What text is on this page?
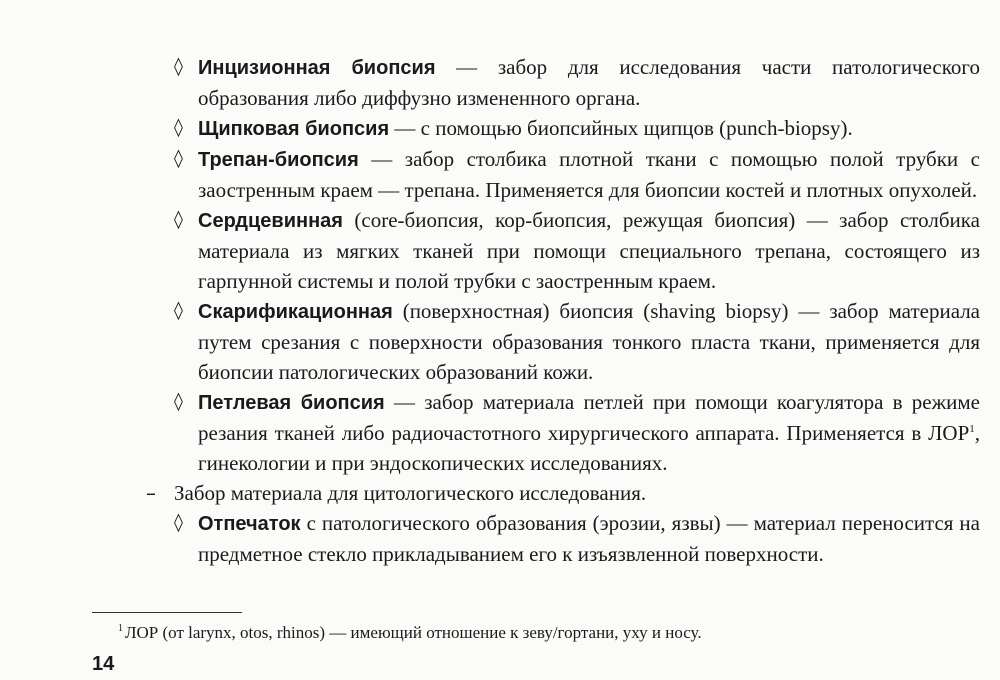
◊ Инцизионная биопсия — забор для исследования части патологического образования либо диффузно измененного органа.
◊ Щипковая биопсия — с помощью биопсийных щипцов (punch-biopsy).
◊ Трепан-биопсия — забор столбика плотной ткани с помощью полой трубки с заостренным краем — трепана. Применяется для биопсии костей и плотных опухолей.
◊ Сердцевинная (core-биопсия, кор-биопсия, режущая биопсия) — забор столбика материала из мягких тканей при помощи специального трепана, состоящего из гарпунной системы и полой трубки с заостренным краем.
◊ Скарификационная (поверхностная) биопсия (shaving biopsy) — забор материала путем срезания с поверхности образования тонкого пласта ткани, применяется для биопсии патологических образований кожи.
◊ Петлевая биопсия — забор материала петлей при помощи коагулятора в режиме резания тканей либо радиочастотного хирургического аппарата. Применяется в ЛОР$^1$, гинекологии и при эндоскопических исследованиях.
– Забор материала для цитологического исследования.
◊ Отпечаток с патологического образования (эрозии, язвы) — материал переносится на предметное стекло прикладыванием его к изъязвленной поверхности.
$^1$ ЛОР (от larynx, otos, rhinos) — имеющий отношение к зеву/гортани, уху и носу.
14
